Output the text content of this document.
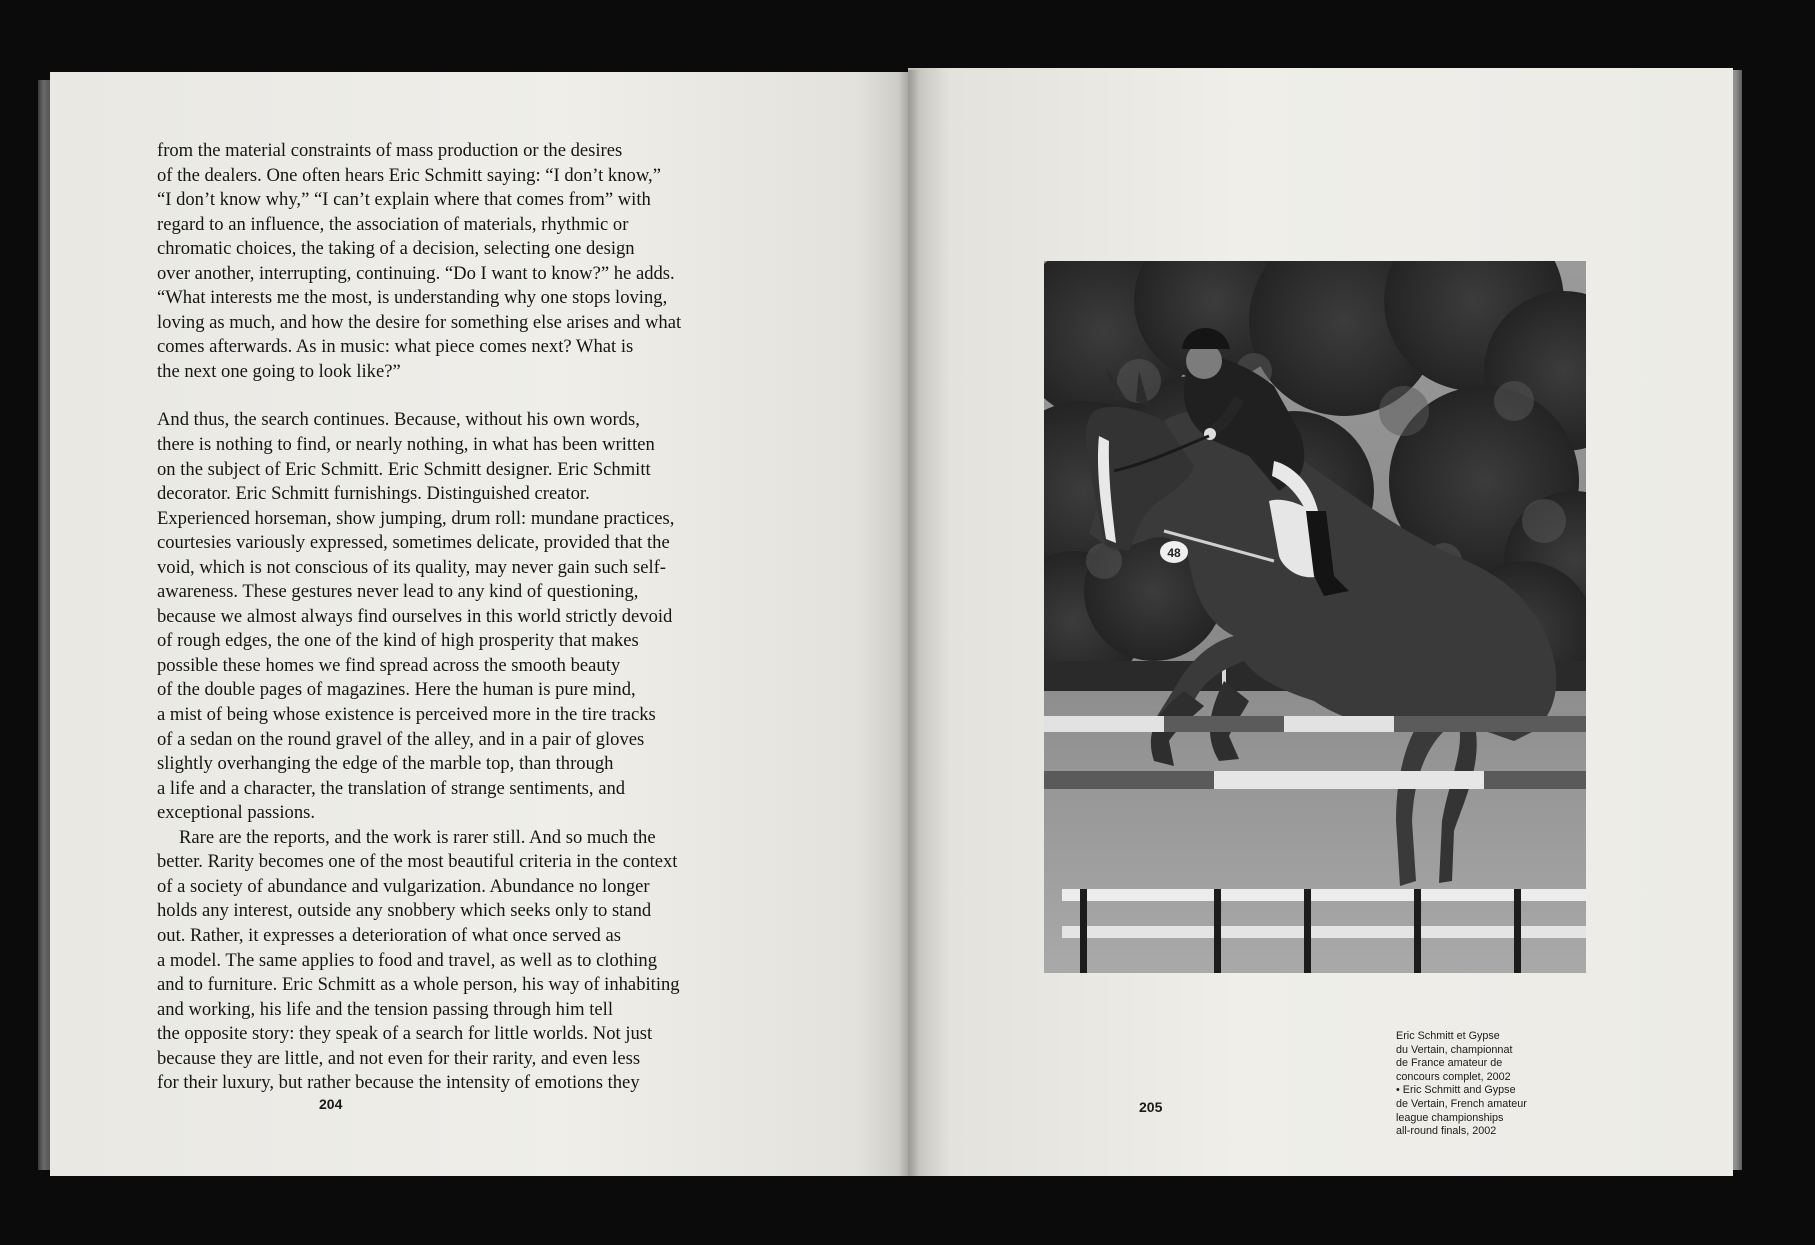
from the material constraints of mass production or the desires
of the dealers. One often hears Eric Schmitt saying: “I don’t know,”
“I don’t know why,” “I can’t explain where that comes from” with
regard to an influence, the association of materials, rhythmic or
chromatic choices, the taking of a decision, selecting one design
over another, interrupting, continuing. “Do I want to know?” he adds.
“What interests me the most, is understanding why one stops loving,
loving as much, and how the desire for something else arises and what
comes afterwards. As in music: what piece comes next? What is
the next one going to look like?”
And thus, the search continues. Because, without his own words,
there is nothing to find, or nearly nothing, in what has been written
on the subject of Eric Schmitt. Eric Schmitt designer. Eric Schmitt
decorator. Eric Schmitt furnishings. Distinguished creator.
Experienced horseman, show jumping, drum roll: mundane practices,
courtesies variously expressed, sometimes delicate, provided that the
void, which is not conscious of its quality, may never gain such self-
awareness. These gestures never lead to any kind of questioning,
because we almost always find ourselves in this world strictly devoid
of rough edges, the one of the kind of high prosperity that makes
possible these homes we find spread across the smooth beauty
of the double pages of magazines. Here the human is pure mind,
a mist of being whose existence is perceived more in the tire tracks
of a sedan on the round gravel of the alley, and in a pair of gloves
slightly overhanging the edge of the marble top, than through
a life and a character, the translation of strange sentiments, and
exceptional passions.
Rare are the reports, and the work is rarer still. And so much the
better. Rarity becomes one of the most beautiful criteria in the context
of a society of abundance and vulgarization. Abundance no longer
holds any interest, outside any snobbery which seeks only to stand
out. Rather, it expresses a deterioration of what once served as
a model. The same applies to food and travel, as well as to clothing
and to furniture. Eric Schmitt as a whole person, his way of inhabiting
and working, his life and the tension passing through him tell
the opposite story: they speak of a search for little worlds. Not just
because they are little, and not even for their rarity, and even less
for their luxury, but rather because the intensity of emotions they
204
48
Eric Schmitt et Gypse
du Vertain, championnat
de France amateur de
concours complet, 2002
• Eric Schmitt and Gypse
de Vertain, French amateur
league championships
all-round finals, 2002
205
